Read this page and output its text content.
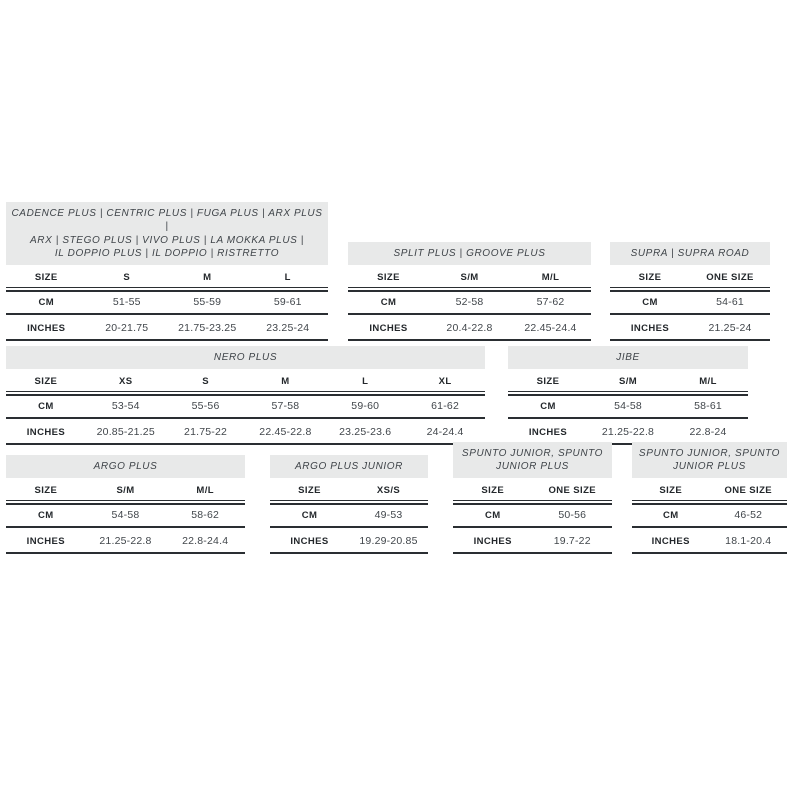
CADENCE PLUS | CENTRIC PLUS | FUGA PLUS | ARX PLUS |
ARX | STEGO PLUS | VIVO PLUS | LA MOKKA PLUS |
IL DOPPIO PLUS | IL DOPPIO | RISTRETTO
SIZE	S	M	L
CM	51-55	55-59	59-61
INCHES	20-21.75	21.75-23.25	23.25-24
SPLIT PLUS | GROOVE PLUS
SIZE	S/M	M/L
CM	52-58	57-62
INCHES	20.4-22.8	22.45-24.4
SUPRA | SUPRA ROAD
SIZE	ONE SIZE
CM	54-61
INCHES	21.25-24
NERO PLUS
SIZE	XS	S	M	L	XL
CM	53-54	55-56	57-58	59-60	61-62
INCHES	20.85-21.25	21.75-22	22.45-22.8	23.25-23.6	24-24.4
JIBE
SIZE	S/M	M/L
CM	54-58	58-61
INCHES	21.25-22.8	22.8-24
ARGO PLUS
SIZE	S/M	M/L
CM	54-58	58-62
INCHES	21.25-22.8	22.8-24.4
ARGO PLUS JUNIOR
SIZE	XS/S
CM	49-53
INCHES	19.29-20.85
SPUNTO JUNIOR, SPUNTO
JUNIOR PLUS
SIZE	ONE SIZE
CM	50-56
INCHES	19.7-22
SPUNTO JUNIOR, SPUNTO
JUNIOR PLUS
SIZE	ONE SIZE
CM	46-52
INCHES	18.1-20.4
